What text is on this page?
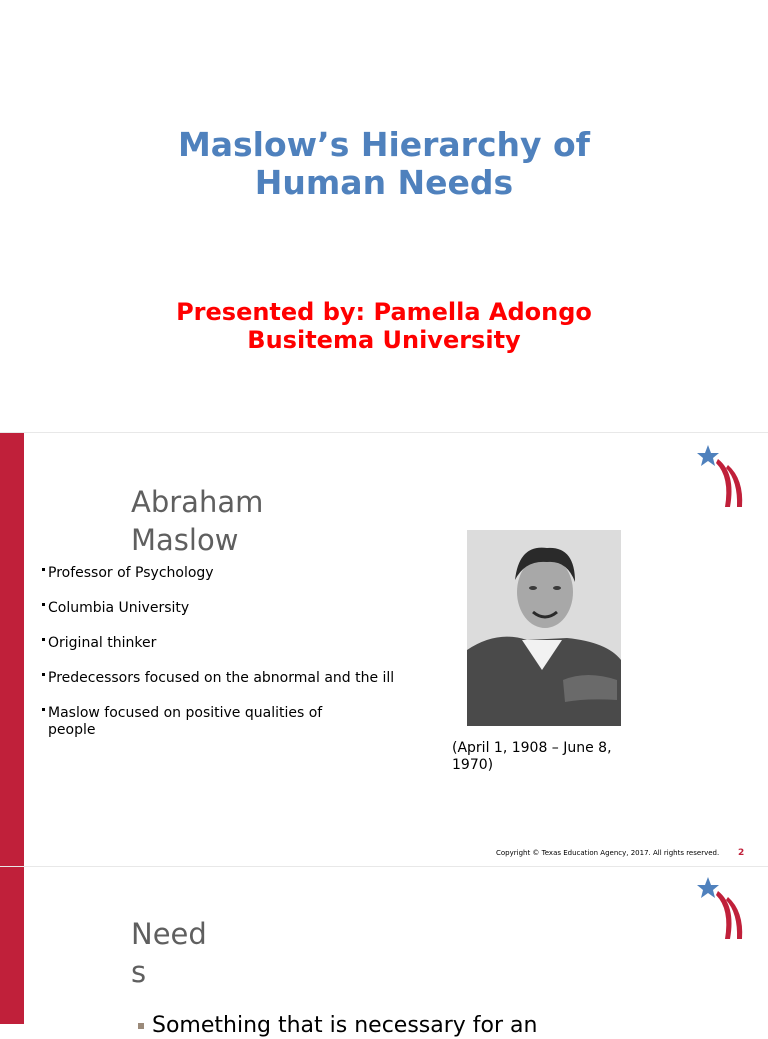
Maslow’s Hierarchy of
Human Needs
Presented by: Pamella Adongo
Busitema University
Abraham Maslow
Professor of Psychology
Columbia University
Original thinker
Predecessors focused on the abnormal and the ill
Maslow focused on positive qualities of people
(April 1, 1908 – June 8, 1970)
Copyright © Texas Education Agency, 2017. All rights reserved. 2
Needs
Something that is necessary for an
